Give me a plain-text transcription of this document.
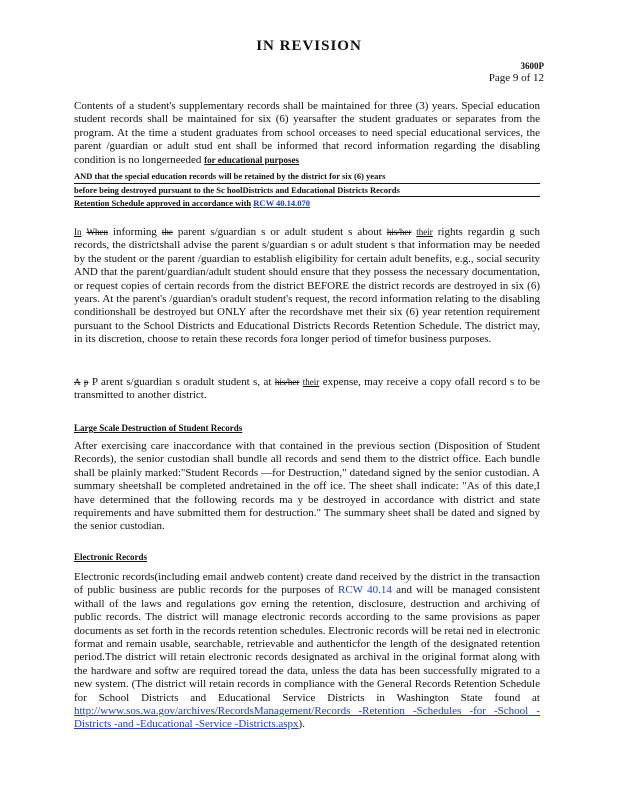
IN REVISION
3600P
Page 9 of 12

Contents of a student's supplementary records shall be maintained for three (3) years. Special education student records shall be maintained for six (6) yearsafter the student graduates or separates from the program. At the time a student graduates from school orceases to need special educational services, the parent /guardian or adult stud ent shall be informed that record information regarding the disabling condition is no longerneeded for educational purposes

AND that the special education records will be retained by the district for six (6) years
before being destroyed pursuant to the Sc hoolDistricts and Educational Districts Records
Retention Schedule approved in accordance with RCW 40.14.070

In When informing the parent s/guardian s or adult student s about his/her their rights regardin g such records, the districtshall advise the parent s/guardian s or adult student s that information may be needed by the student or the parent /guardian to establish eligibility for certain adult benefits, e.g., social security AND that the parent/guardian/adult student should ensure that they possess the necessary documentation, or request copies of certain records from the district BEFORE the district records are destroyed in six (6) years. At the parent's /guardian's oradult student's request, the record information relating to the disabling conditionshall be destroyed but ONLY after the recordshave met their six (6) year retention requirement pursuant to the School Districts and Educational Districts Records Retention Schedule. The district may, in its discretion, choose to retain these records fora longer period of timefor business purposes.

A p P arent s/guardian s oradult student s, at his/her their expense, may receive a copy ofall record s to be transmitted to another district.

Large Scale Destruction of Student Records

After exercising care inaccordance with that contained in the previous section (Disposition of Student Records), the senior custodian shall bundle all records and send them to the district office. Each bundle shall be plainly marked:"Student Records —for Destruction," datedand signed by the senior custodian. A summary sheetshall be completed andretained in the off ice. The sheet shall indicate: "As of this date,I have determined that the following records ma y be destroyed in accordance with district and state requirements and have submitted them for destruction." The summary sheet shall be dated and signed by the senior custodian.

Electronic Records

Electronic records(including email andweb content) create dand received by the district in the transaction of public business are public records for the purposes of RCW 40.14 and will be managed consistent withall of the laws and regulations gov erning the retention, disclosure, destruction and archiving of public records. The district will manage electronic records according to the same provisions as paper documents as set forth in the records retention schedules. Electronic records will be retai ned in electronic format and remain usable, searchable, retrievable and authenticfor the length of the designated retention period.The district will retain electronic records designated as archival in the original format along with the hardware and softw are required toread the data, unless the data has been successfully migrated to a new system. (The district will retain records in compliance with the General Records Retention Schedule for School Districts and Educational Service Districts in Washington State found at http://www.sos.wa.gov/archives/RecordsManagement/Records -Retention -Schedules -for -School -Districts -and -Educational -Service -Districts.aspx).
